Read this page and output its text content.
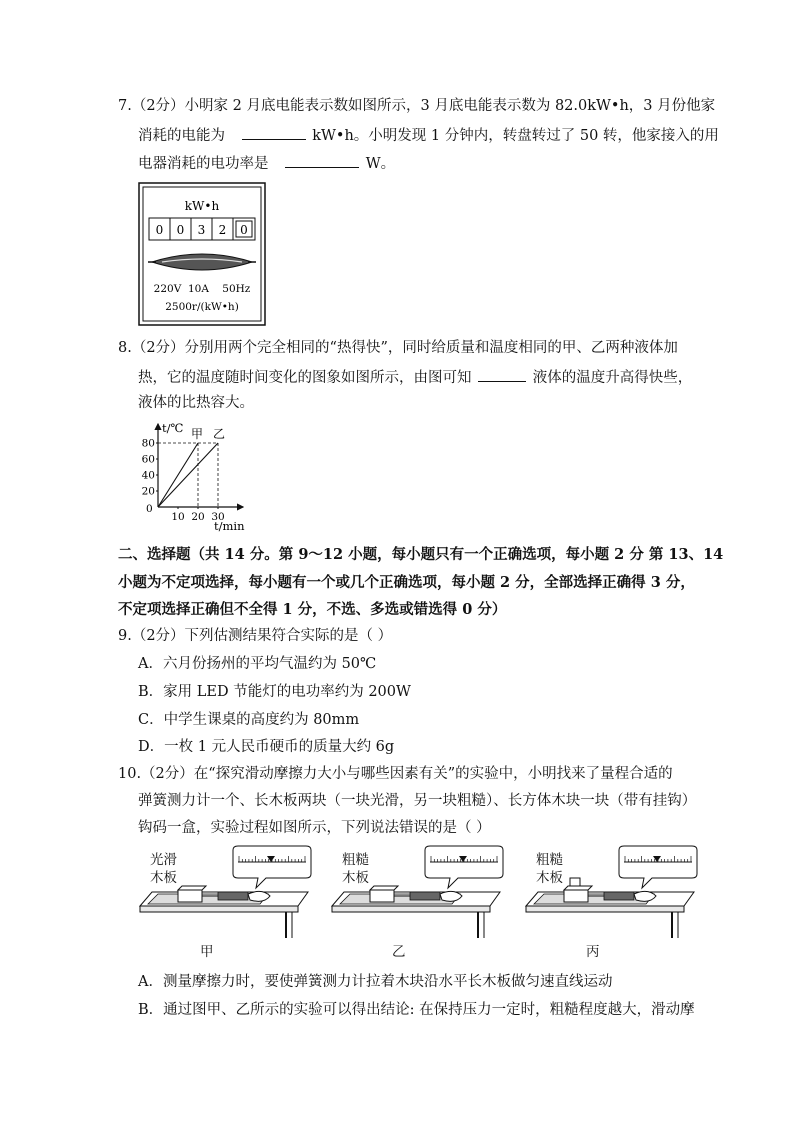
7.（2分）小明家 2 月底电能表示数如图所示，3 月底电能表示数为 82.0kW•h，3 月份他家
消耗的电能为	kW•h。小明发现 1 分钟内，转盘转过了 50 转，他家接入的用
电器消耗的电功率是	W。
kW•h
0 0 3 2 0
220V  10A    50Hz
2500r/(kW•h)
8.（2分）分别用两个完全相同的“热得快”，同时给质量和温度相同的甲、乙两种液体加
热，它的温度随时间变化的图象如图所示，由图可知	液体的温度升高得快些，
液体的比热容大。
t/℃
t/min
0
20
40
60
80
10 20 30
甲 乙
二、选择题（共 14 分。第 9～12 小题，每小题只有一个正确选项，每小题 2 分 第 13、14
小题为不定项选择，每小题有一个或几个正确选项，每小题 2 分，全部选择正确得 3 分，
不定项选择正确但不全得 1 分，不选、多选或错选得 0 分）
9.（2分）下列估测结果符合实际的是（ ）
A．六月份扬州的平均气温约为 50℃
B．家用 LED 节能灯的电功率约为 200W
C．中学生课桌的高度约为 80mm
D．一枚 1 元人民币硬币的质量大约 6g
10.（2分）在“探究滑动摩擦力大小与哪些因素有关”的实验中，小明找来了量程合适的
弹簧测力计一个、长木板两块（一块光滑，另一块粗糙）、长方体木块一块（带有挂钩）
钩码一盒，实验过程如图所示，下列说法错误的是（ ）
光滑
木板
甲
粗糙
木板
乙
粗糙
木板
丙
A．测量摩擦力时，要使弹簧测力计拉着木块沿水平长木板做匀速直线运动
B．通过图甲、乙所示的实验可以得出结论: 在保持压力一定时，粗糙程度越大，滑动摩
